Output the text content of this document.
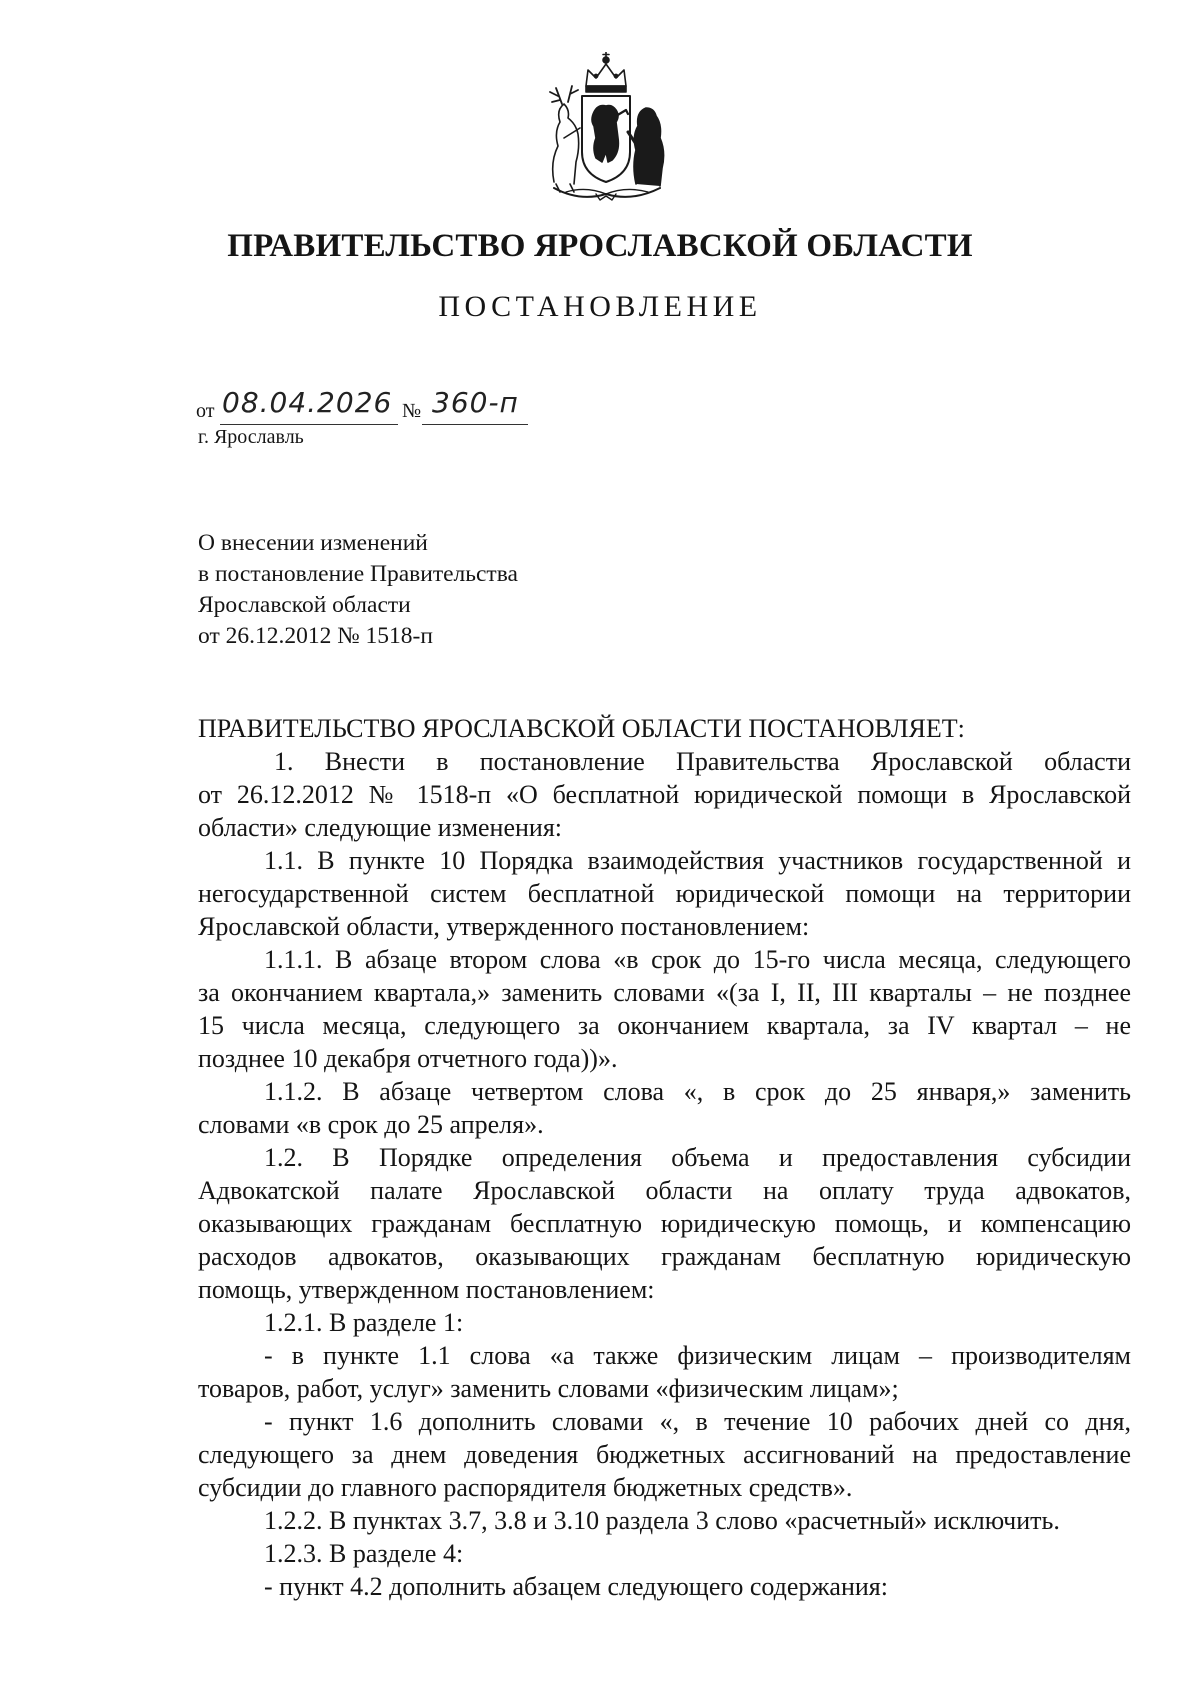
ПРАВИТЕЛЬСТВО ЯРОСЛАВСКОЙ ОБЛАСТИ
ПОСТАНОВЛЕНИЕ
от 08.04.2026 № 360-п
г. Ярославль
О внесении изменений
в постановление Правительства
Ярославской области
от 26.12.2012 № 1518-п
ПРАВИТЕЛЬСТВО ЯРОСЛАВСКОЙ ОБЛАСТИ ПОСТАНОВЛЯЕТ:
1. Внести в постановление Правительства Ярославской области
от 26.12.2012 № 1518-п «О бесплатной юридической помощи в Ярославской
области» следующие изменения:
1.1. В пункте 10 Порядка взаимодействия участников государственной и
негосударственной систем бесплатной юридической помощи на территории
Ярославской области, утвержденного постановлением:
1.1.1. В абзаце втором слова «в срок до 15-го числа месяца, следующего
за окончанием квартала,» заменить словами «(за I, II, III кварталы – не позднее
15 числа месяца, следующего за окончанием квартала, за IV квартал – не
позднее 10 декабря отчетного года))».
1.1.2. В абзаце четвертом слова «, в срок до 25 января,» заменить
словами «в срок до 25 апреля».
1.2. В Порядке определения объема и предоставления субсидии
Адвокатской палате Ярославской области на оплату труда адвокатов,
оказывающих гражданам бесплатную юридическую помощь, и компенсацию
расходов адвокатов, оказывающих гражданам бесплатную юридическую
помощь, утвержденном постановлением:
1.2.1. В разделе 1:
- в пункте 1.1 слова «а также физическим лицам – производителям
товаров, работ, услуг» заменить словами «физическим лицам»;
- пункт 1.6 дополнить словами «, в течение 10 рабочих дней со дня,
следующего за днем доведения бюджетных ассигнований на предоставление
субсидии до главного распорядителя бюджетных средств».
1.2.2. В пунктах 3.7, 3.8 и 3.10 раздела 3 слово «расчетный» исключить.
1.2.3. В разделе 4:
- пункт 4.2 дополнить абзацем следующего содержания:
